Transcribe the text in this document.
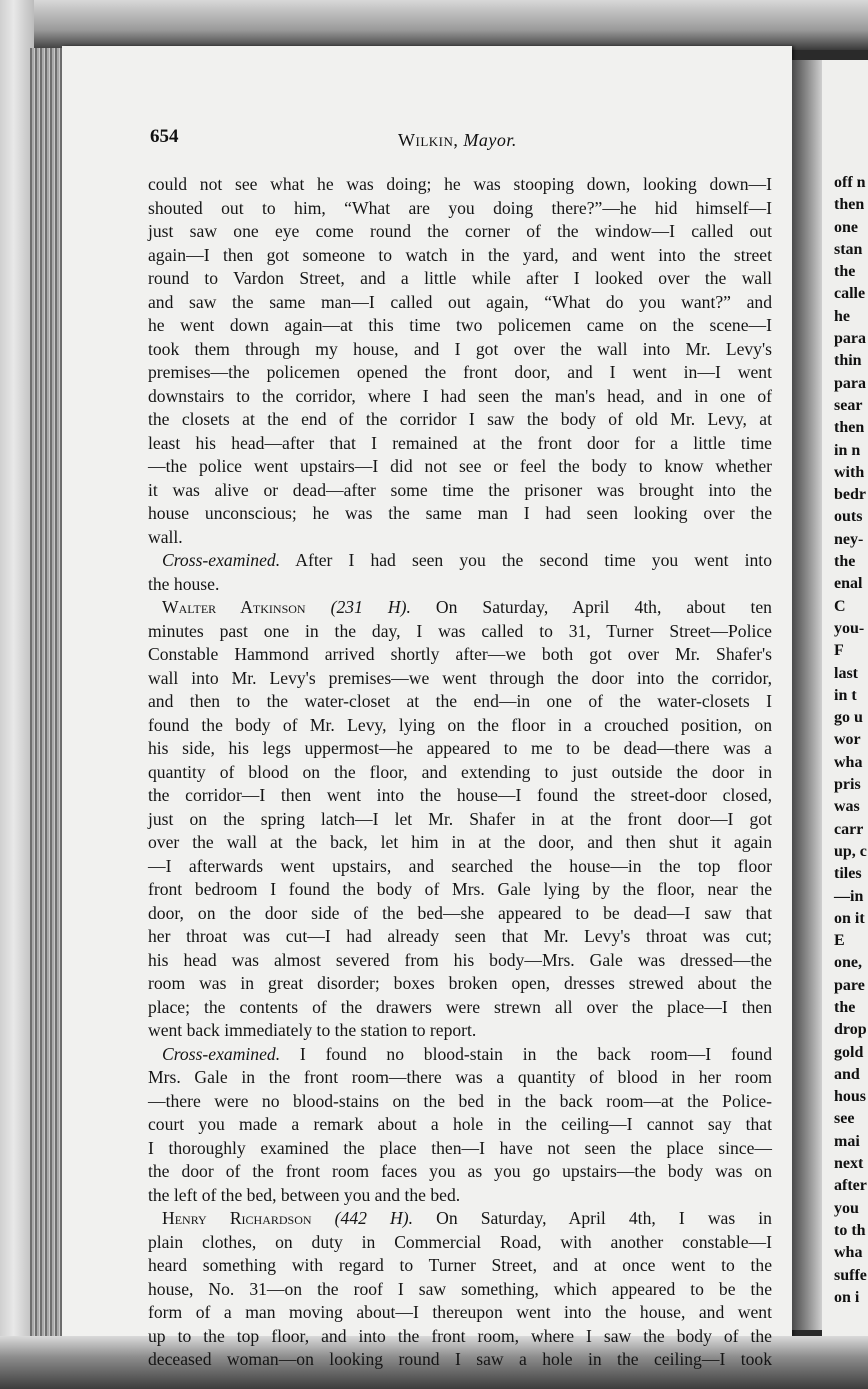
off n
then
one
stan
the
calle
he
para
thin
para
sear
then
in n
with
bedr
outs
ney-
the
enal
C
you-
F
last
in t
go u
wor
wha
pris
was
carr
up, c
tiles
—in
on it
E
one,
pare
the
drop
gold
and
hous
see
mai
next
after
you
to th
wha
suffe
on i
654	Wilkin, Mayor.
could not see what he was doing; he was stooping down, looking down—I
shouted out to him, “What are you doing there?”—he hid himself—I
just saw one eye come round the corner of the window—I called out
again—I then got someone to watch in the yard, and went into the street
round to Vardon Street, and a little while after I looked over the wall
and saw the same man—I called out again, “What do you want?” and
he went down again—at this time two policemen came on the scene—I
took them through my house, and I got over the wall into Mr. Levy's
premises—the policemen opened the front door, and I went in—I went
downstairs to the corridor, where I had seen the man's head, and in one of
the closets at the end of the corridor I saw the body of old Mr. Levy, at
least his head—after that I remained at the front door for a little time
—the police went upstairs—I did not see or feel the body to know whether
it was alive or dead—after some time the prisoner was brought into the
house unconscious; he was the same man I had seen looking over the
wall.
Cross-examined. After I had seen you the second time you went into
the house.
Walter Atkinson (231 H). On Saturday, April 4th, about ten
minutes past one in the day, I was called to 31, Turner Street—Police
Constable Hammond arrived shortly after—we both got over Mr. Shafer's
wall into Mr. Levy's premises—we went through the door into the corridor,
and then to the water-closet at the end—in one of the water-closets I
found the body of Mr. Levy, lying on the floor in a crouched position, on
his side, his legs uppermost—he appeared to me to be dead—there was a
quantity of blood on the floor, and extending to just outside the door in
the corridor—I then went into the house—I found the street-door closed,
just on the spring latch—I let Mr. Shafer in at the front door—I got
over the wall at the back, let him in at the door, and then shut it again
—I afterwards went upstairs, and searched the house—in the top floor
front bedroom I found the body of Mrs. Gale lying by the floor, near the
door, on the door side of the bed—she appeared to be dead—I saw that
her throat was cut—I had already seen that Mr. Levy's throat was cut;
his head was almost severed from his body—Mrs. Gale was dressed—the
room was in great disorder; boxes broken open, dresses strewed about the
place; the contents of the drawers were strewn all over the place—I then
went back immediately to the station to report.
Cross-examined. I found no blood-stain in the back room—I found
Mrs. Gale in the front room—there was a quantity of blood in her room
—there were no blood-stains on the bed in the back room—at the Police-
court you made a remark about a hole in the ceiling—I cannot say that
I thoroughly examined the place then—I have not seen the place since—
the door of the front room faces you as you go upstairs—the body was on
the left of the bed, between you and the bed.
Henry Richardson (442 H). On Saturday, April 4th, I was in
plain clothes, on duty in Commercial Road, with another constable—I
heard something with regard to Turner Street, and at once went to the
house, No. 31—on the roof I saw something, which appeared to be the
form of a man moving about—I thereupon went into the house, and went
up to the top floor, and into the front room, where I saw the body of the
deceased woman—on looking round I saw a hole in the ceiling—I took
